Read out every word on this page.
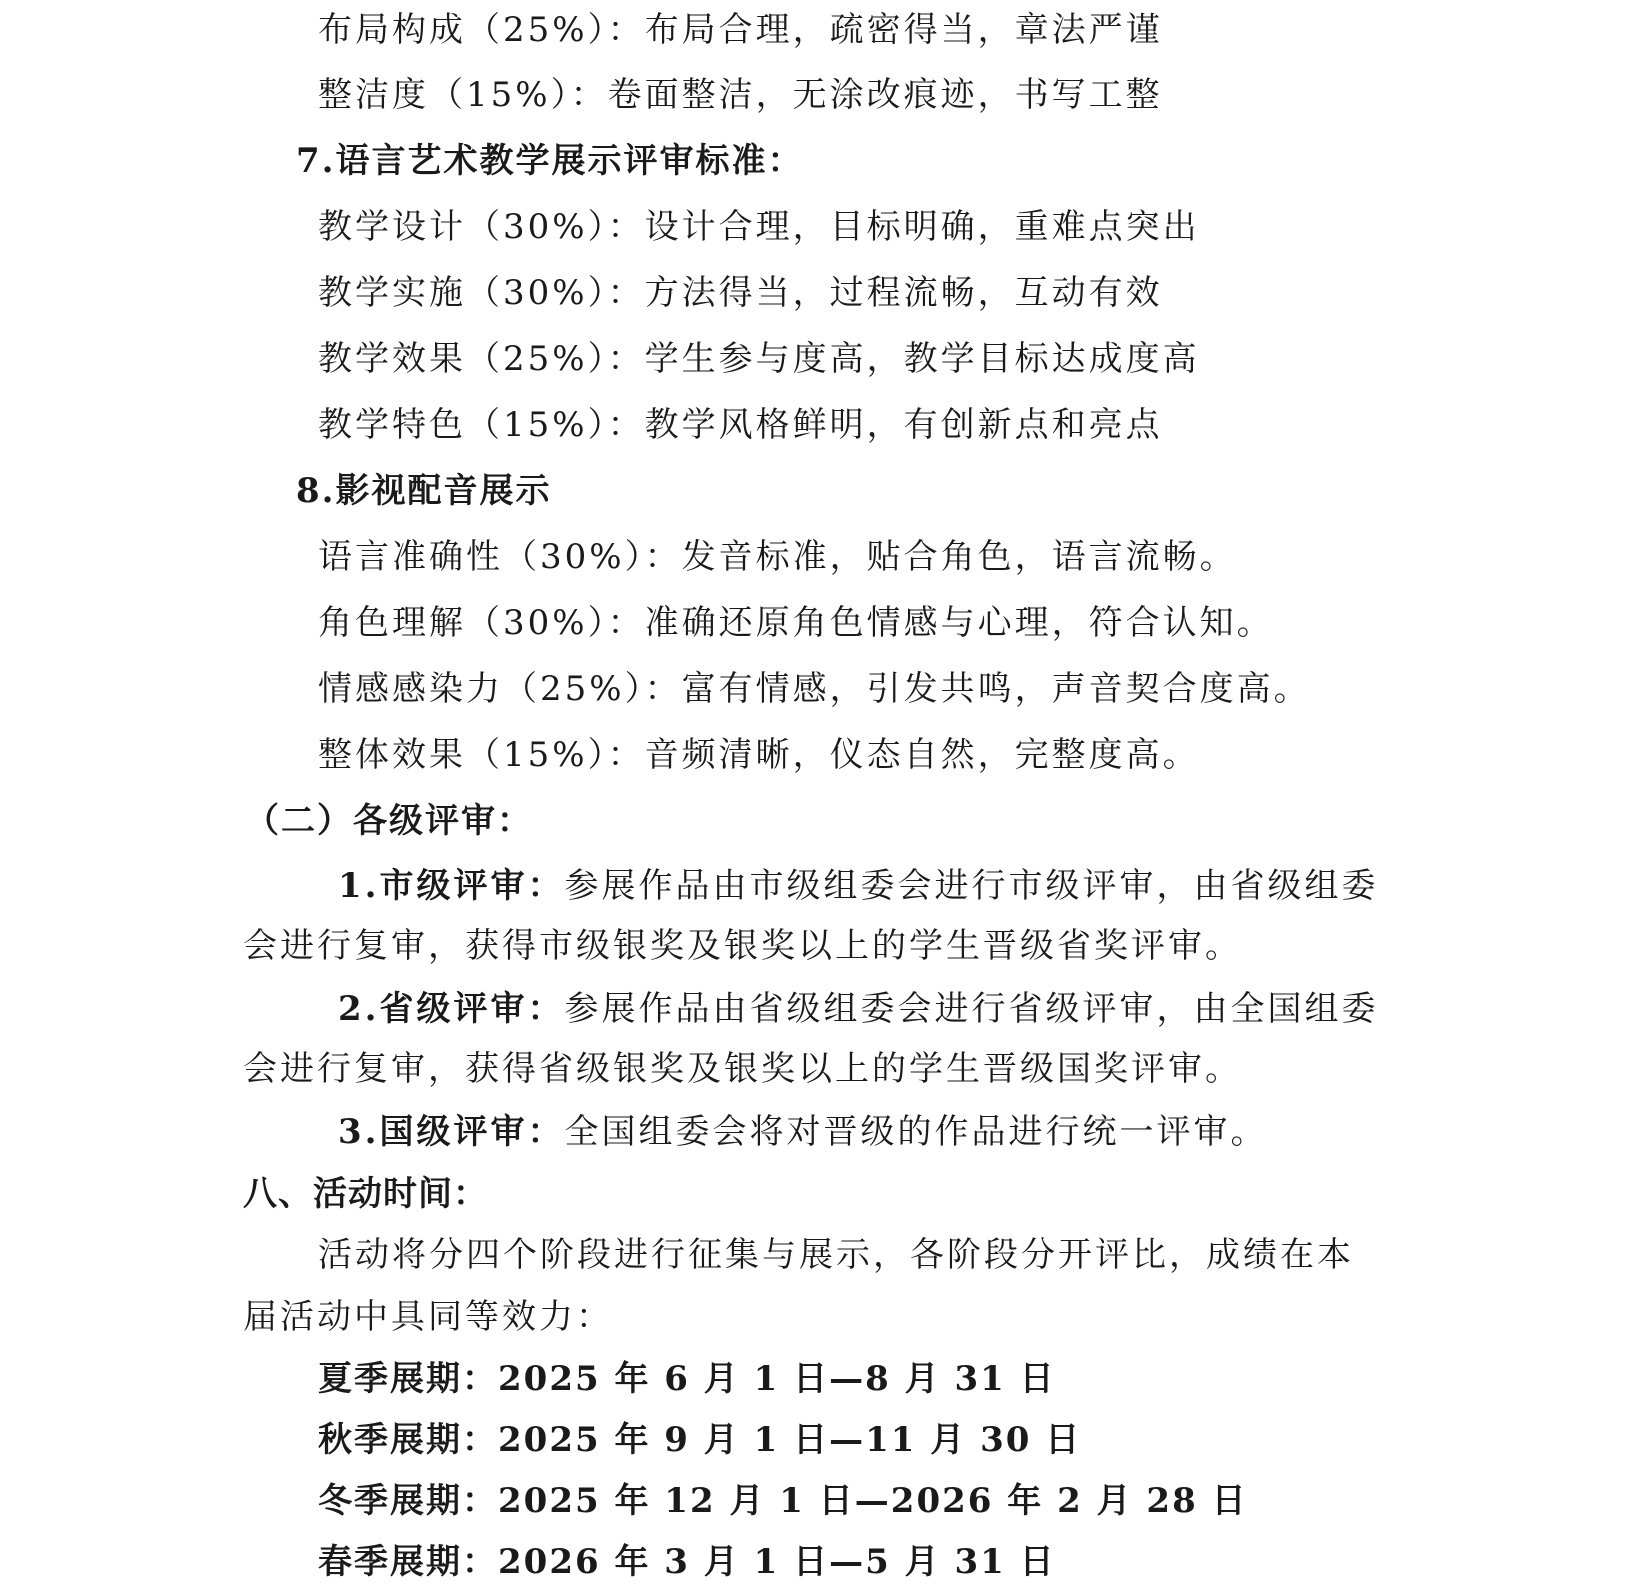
布局构成（25%）：布局合理，疏密得当，章法严谨
整洁度（15%）：卷面整洁，无涂改痕迹，书写工整
7.语言艺术教学展示评审标准：
教学设计（30%）：设计合理，目标明确，重难点突出
教学实施（30%）：方法得当，过程流畅，互动有效
教学效果（25%）：学生参与度高，教学目标达成度高
教学特色（15%）：教学风格鲜明，有创新点和亮点
8.影视配音展示
语言准确性（30%）：发音标准，贴合角色，语言流畅。
角色理解（30%）：准确还原角色情感与心理，符合认知。
情感感染力（25%）：富有情感，引发共鸣，声音契合度高。
整体效果（15%）：音频清晰，仪态自然，完整度高。
（二）各级评审：
1.市级评审：参展作品由市级组委会进行市级评审，由省级组委
会进行复审，获得市级银奖及银奖以上的学生晋级省奖评审。
2.省级评审：参展作品由省级组委会进行省级评审，由全国组委
会进行复审，获得省级银奖及银奖以上的学生晋级国奖评审。
3.国级评审：全国组委会将对晋级的作品进行统一评审。
八、活动时间：
活动将分四个阶段进行征集与展示，各阶段分开评比，成绩在本
届活动中具同等效力：
夏季展期：2025 年 6 月 1 日—8 月 31 日
秋季展期：2025 年 9 月 1 日—11 月 30 日
冬季展期：2025 年 12 月 1 日—2026 年 2 月 28 日
春季展期：2026 年 3 月 1 日—5 月 31 日
